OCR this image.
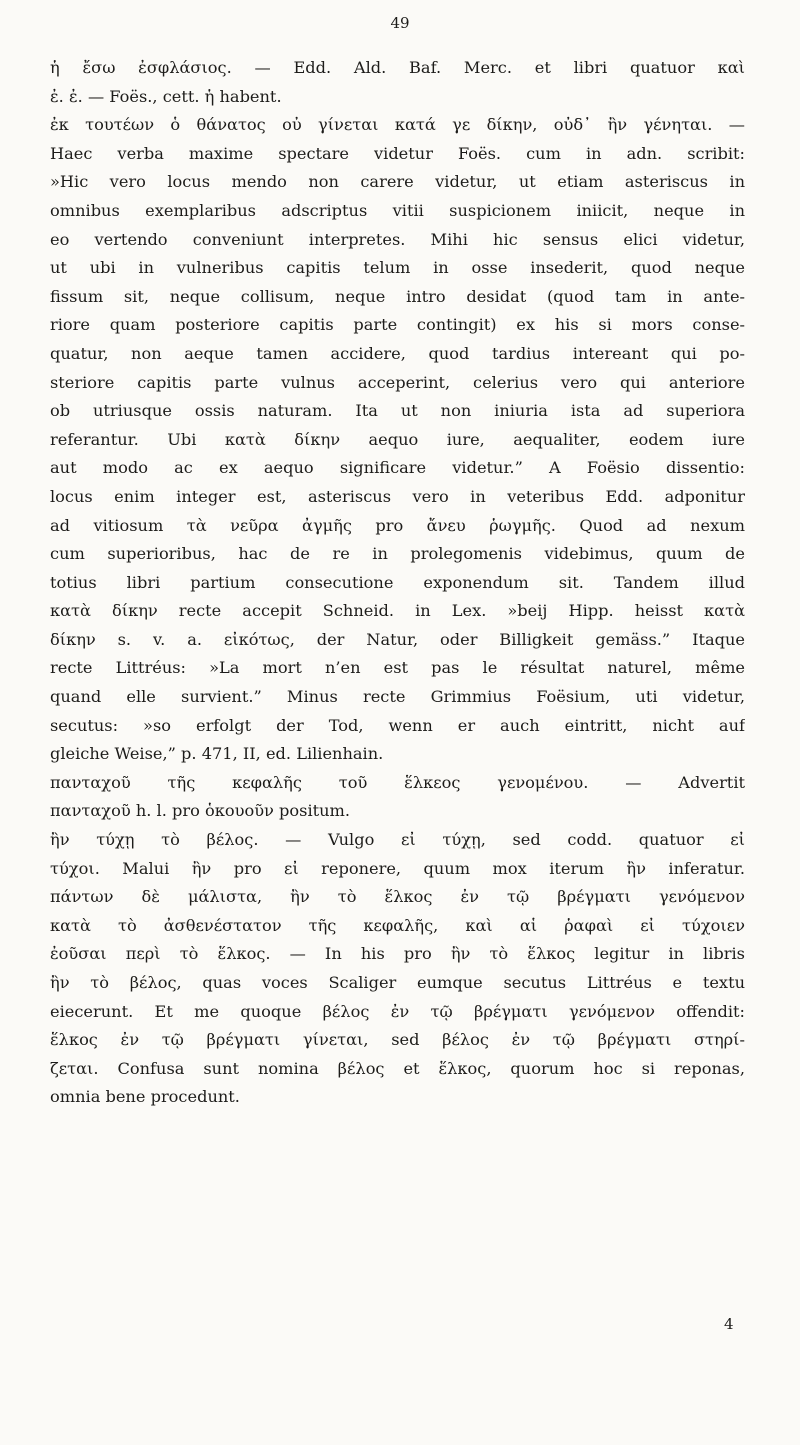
49
ἡ ἔσω ἐσφλάσιος. — Edd. Ald. Baf. Merc. et libri quatuor καὶ
ἐ. ἐ. — Foës., cett. ἡ habent.
ἐκ τουτέων ὁ θάνατος οὐ γίνεται κατά γε δίκην, οὐδ᾽ ἢν γένηται. —
Haec verba maxime spectare videtur Foës. cum in adn. scribit:
»Hic vero locus mendo non carere videtur, ut etiam asteriscus in
omnibus exemplaribus adscriptus vitii suspicionem iniicit, neque in
eo vertendo conveniunt interpretes. Mihi hic sensus elici videtur,
ut ubi in vulneribus capitis telum in osse insederit, quod neque
fissum sit, neque collisum, neque intro desidat (quod tam in ante-
riore quam posteriore capitis parte contingit) ex his si mors conse-
quatur, non aeque tamen accidere, quod tardius intereant qui po-
steriore capitis parte vulnus acceperint, celerius vero qui anteriore
ob utriusque ossis naturam. Ita ut non iniuria ista ad superiora
referantur. Ubi κατὰ δίκην aequo iure, aequaliter, eodem iure
aut modo ac ex aequo significare videtur.” A Foësio dissentio:
locus enim integer est, asteriscus vero in veteribus Edd. adponitur
ad vitiosum τὰ νεῦρα ἀγμῆς pro ἄνευ ῥωγμῆς. Quod ad nexum
cum superioribus, hac de re in prolegomenis videbimus, quum de
totius libri partium consecutione exponendum sit. Tandem illud
κατὰ δίκην recte accepit Schneid. in Lex. »beij Hipp. heisst κατὰ
δίκην s. v. a. εἰκότως, der Natur, oder Billigkeit gemäss.” Itaque
recte Littréus: »La mort n’en est pas le résultat naturel, même
quand elle survient.” Minus recte Grimmius Foësium, uti videtur,
secutus: »so erfolgt der Tod, wenn er auch eintritt, nicht auf
gleiche Weise,” p. 471, II, ed. Lilienhain.
πανταχοῦ τῆς κεφαλῆς τοῦ ἕλκεος γενομένου. — Advertit
πανταχοῦ h. l. pro ὁκουοῦν positum.
ἢν τύχῃ τὸ βέλος. — Vulgo εἰ τύχῃ, sed codd. quatuor εἰ
τύχοι. Malui ἢν pro εἰ reponere, quum mox iterum ἢν inferatur.
πάντων δὲ μάλιστα, ἢν τὸ ἕλκος ἐν τῷ βρέγματι γενόμενον
κατὰ τὸ ἀσθενέστατον τῆς κεφαλῆς, καὶ αἱ ῥαφαὶ εἰ τύχοιεν
ἐοῦσαι περὶ τὸ ἕλκος. — In his pro ἢν τὸ ἕλκος legitur in libris
ἢν τὸ βέλος, quas voces Scaliger eumque secutus Littréus e textu
eiecerunt. Et me quoque βέλος ἐν τῷ βρέγματι γενόμενον offendit:
ἕλκος ἐν τῷ βρέγματι γίνεται, sed βέλος ἐν τῷ βρέγματι στηρί-
ζεται. Confusa sunt nomina βέλος et ἕλκος, quorum hoc si reponas,
omnia bene procedunt.
4
